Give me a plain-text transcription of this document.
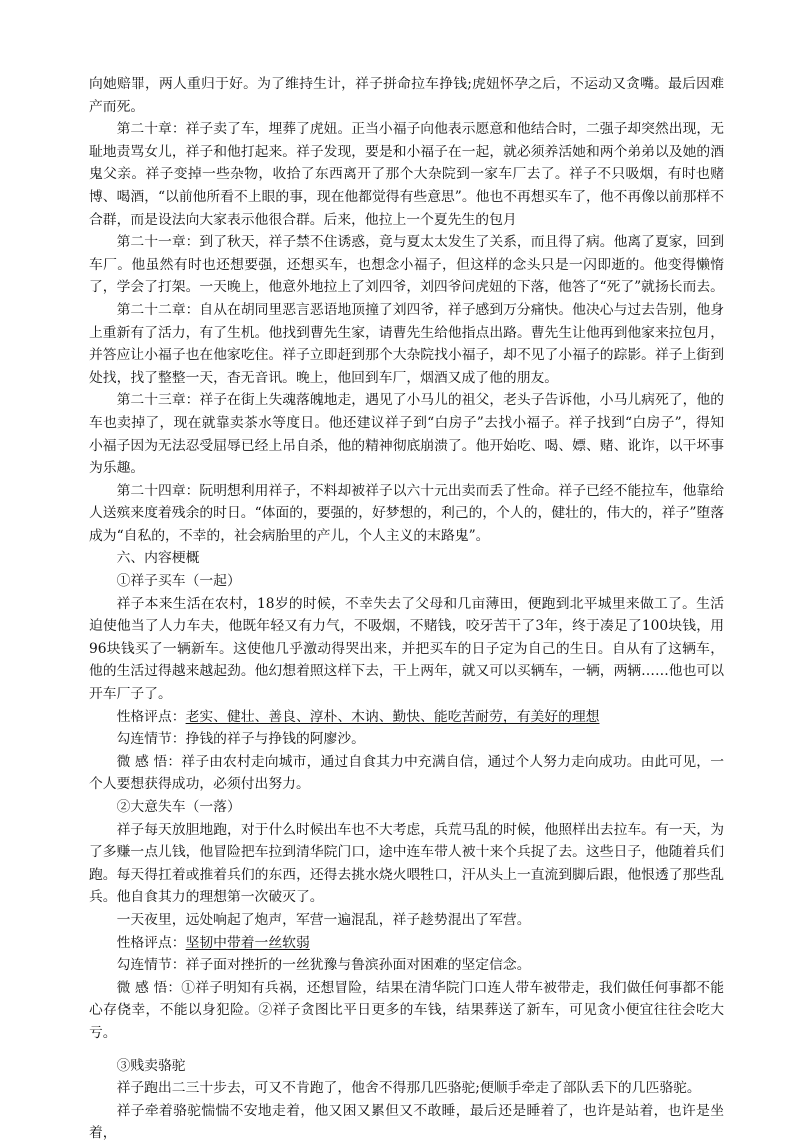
向她赔罪，两人重归于好。为了维持生计，祥子拼命拉车挣钱;虎妞怀孕之后，不运动又贪嘴。最后因难产而死。

第二十章：祥子卖了车，埋葬了虎妞。正当小福子向他表示愿意和他结合时，二强子却突然出现，无耻地责骂女儿，祥子和他打起来。祥子发现，要是和小福子在一起，就必须养活她和两个弟弟以及她的酒鬼父亲。祥子变掉一些杂物，收拾了东西离开了那个大杂院到一家车厂去了。祥子不只吸烟，有时也赌博、喝酒，“以前他所看不上眼的事，现在他都觉得有些意思”。他也不再想买车了，他不再像以前那样不合群，而是设法向大家表示他很合群。后来，他拉上一个夏先生的包月

第二十一章：到了秋天，祥子禁不住诱惑，竟与夏太太发生了关系，而且得了病。他离了夏家，回到车厂。他虽然有时也还想要强，还想买车，也想念小福子，但这样的念头只是一闪即逝的。他变得懒惰了，学会了打架。一天晚上，他意外地拉上了刘四爷，刘四爷问虎妞的下落，他答了“死了”就扬长而去。

第二十二章：自从在胡同里恶言恶语地顶撞了刘四爷，祥子感到万分痛快。他决心与过去告别，他身上重新有了活力，有了生机。他找到曹先生家，请曹先生给他指点出路。曹先生让他再到他家来拉包月，并答应让小福子也在他家吃住。祥子立即赶到那个大杂院找小福子，却不见了小福子的踪影。祥子上街到处找，找了整整一天，杳无音讯。晚上，他回到车厂，烟酒又成了他的朋友。

第二十三章：祥子在街上失魂落魄地走，遇见了小马儿的祖父，老头子告诉他，小马儿病死了，他的车也卖掉了，现在就靠卖茶水等度日。他还建议祥子到“白房子”去找小福子。祥子找到“白房子”，得知小福子因为无法忍受屈辱已经上吊自杀，他的精神彻底崩溃了。他开始吃、喝、嫖、赌、讹诈，以干坏事为乐趣。

第二十四章：阮明想利用祥子，不料却被祥子以六十元出卖而丢了性命。祥子已经不能拉车，他靠给人送殡来度着残余的时日。“体面的，要强的，好梦想的，利己的，个人的，健壮的，伟大的，祥子”堕落成为“自私的，不幸的，社会病胎里的产儿，个人主义的末路鬼”。

六、内容梗概

①祥子买车（一起）

祥子本来生活在农村，18岁的时候，不幸失去了父母和几亩薄田，便跑到北平城里来做工了。生活迫使他当了人力车夫，他既年轻又有力气，不吸烟，不赌钱，咬牙苦干了3年，终于凑足了100块钱，用96块钱买了一辆新车。这使他几乎激动得哭出来，并把买车的日子定为自己的生日。自从有了这辆车，他的生活过得越来越起劲。他幻想着照这样下去，干上两年，就又可以买辆车，一辆，两辆……他也可以开车厂子了。

性格评点：老实、健壮、善良、淳朴、木讷、勤快、能吃苦耐劳，有美好的理想

勾连情节：挣钱的祥子与挣钱的阿廖沙。

微 感 悟：祥子由农村走向城市，通过自食其力中充满自信，通过个人努力走向成功。由此可见，一个人要想获得成功，必须付出努力。

②大意失车（一落）

祥子每天放胆地跑，对于什么时候出车也不大考虑，兵荒马乱的时候，他照样出去拉车。有一天，为了多赚一点儿钱，他冒险把车拉到清华院门口，途中连车带人被十来个兵捉了去。这些日子，他随着兵们跑。每天得扛着或推着兵们的东西，还得去挑水烧火喂牲口，汗从头上一直流到脚后跟，他恨透了那些乱兵。他自食其力的理想第一次破灭了。

一天夜里，远处响起了炮声，军营一遍混乱，祥子趁势混出了军营。

性格评点：坚韧中带着一丝软弱

勾连情节：祥子面对挫折的一丝犹豫与鲁滨孙面对困难的坚定信念。

微 感 悟：①祥子明知有兵祸，还想冒险，结果在清华院门口连人带车被带走，我们做任何事都不能心存侥幸，不能以身犯险。②祥子贪图比平日更多的车钱，结果葬送了新车，可见贪小便宜往往会吃大亏。

③贱卖骆驼

祥子跑出二三十步去，可又不肯跑了，他舍不得那几匹骆驼;便顺手牵走了部队丢下的几匹骆驼。

祥子牵着骆驼惴惴不安地走着，他又困又累但又不敢睡，最后还是睡着了，也许是站着，也许是坐着，
